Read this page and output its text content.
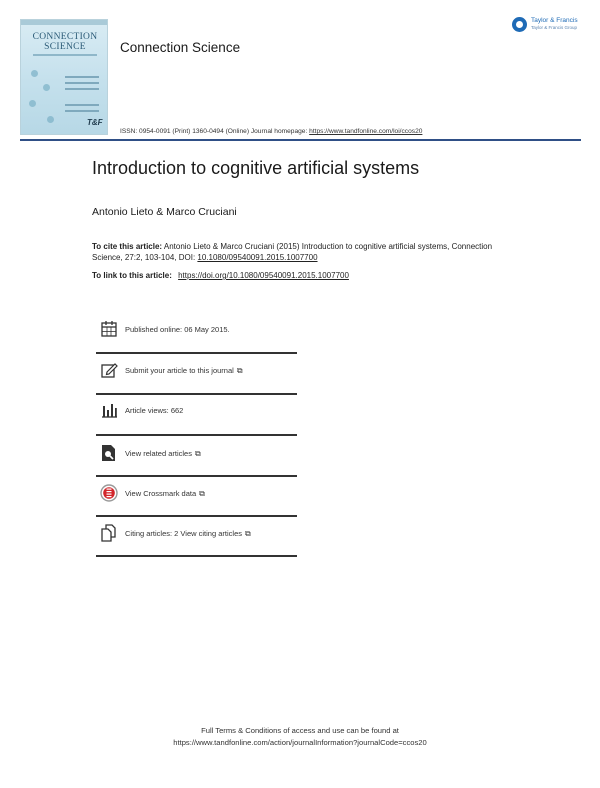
CONNECTION SCIENCE
T&F
Connection Science
Taylor & Francis
Taylor & Francis Group
ISSN: 0954-0091 (Print) 1360-0494 (Online) Journal homepage: https://www.tandfonline.com/loi/ccos20
Introduction to cognitive artificial systems
Antonio Lieto & Marco Cruciani
To cite this article: Antonio Lieto & Marco Cruciani (2015) Introduction to cognitive artificial systems, Connection Science, 27:2, 103-104, DOI: 10.1080/09540091.2015.1007700
To link to this article: https://doi.org/10.1080/09540091.2015.1007700
Published online: 06 May 2015.
Submit your article to this journal ⧉
Article views: 662
View related articles ⧉
View Crossmark data ⧉
Citing articles: 2 View citing articles ⧉
Full Terms & Conditions of access and use can be found at
https://www.tandfonline.com/action/journalInformation?journalCode=ccos20
